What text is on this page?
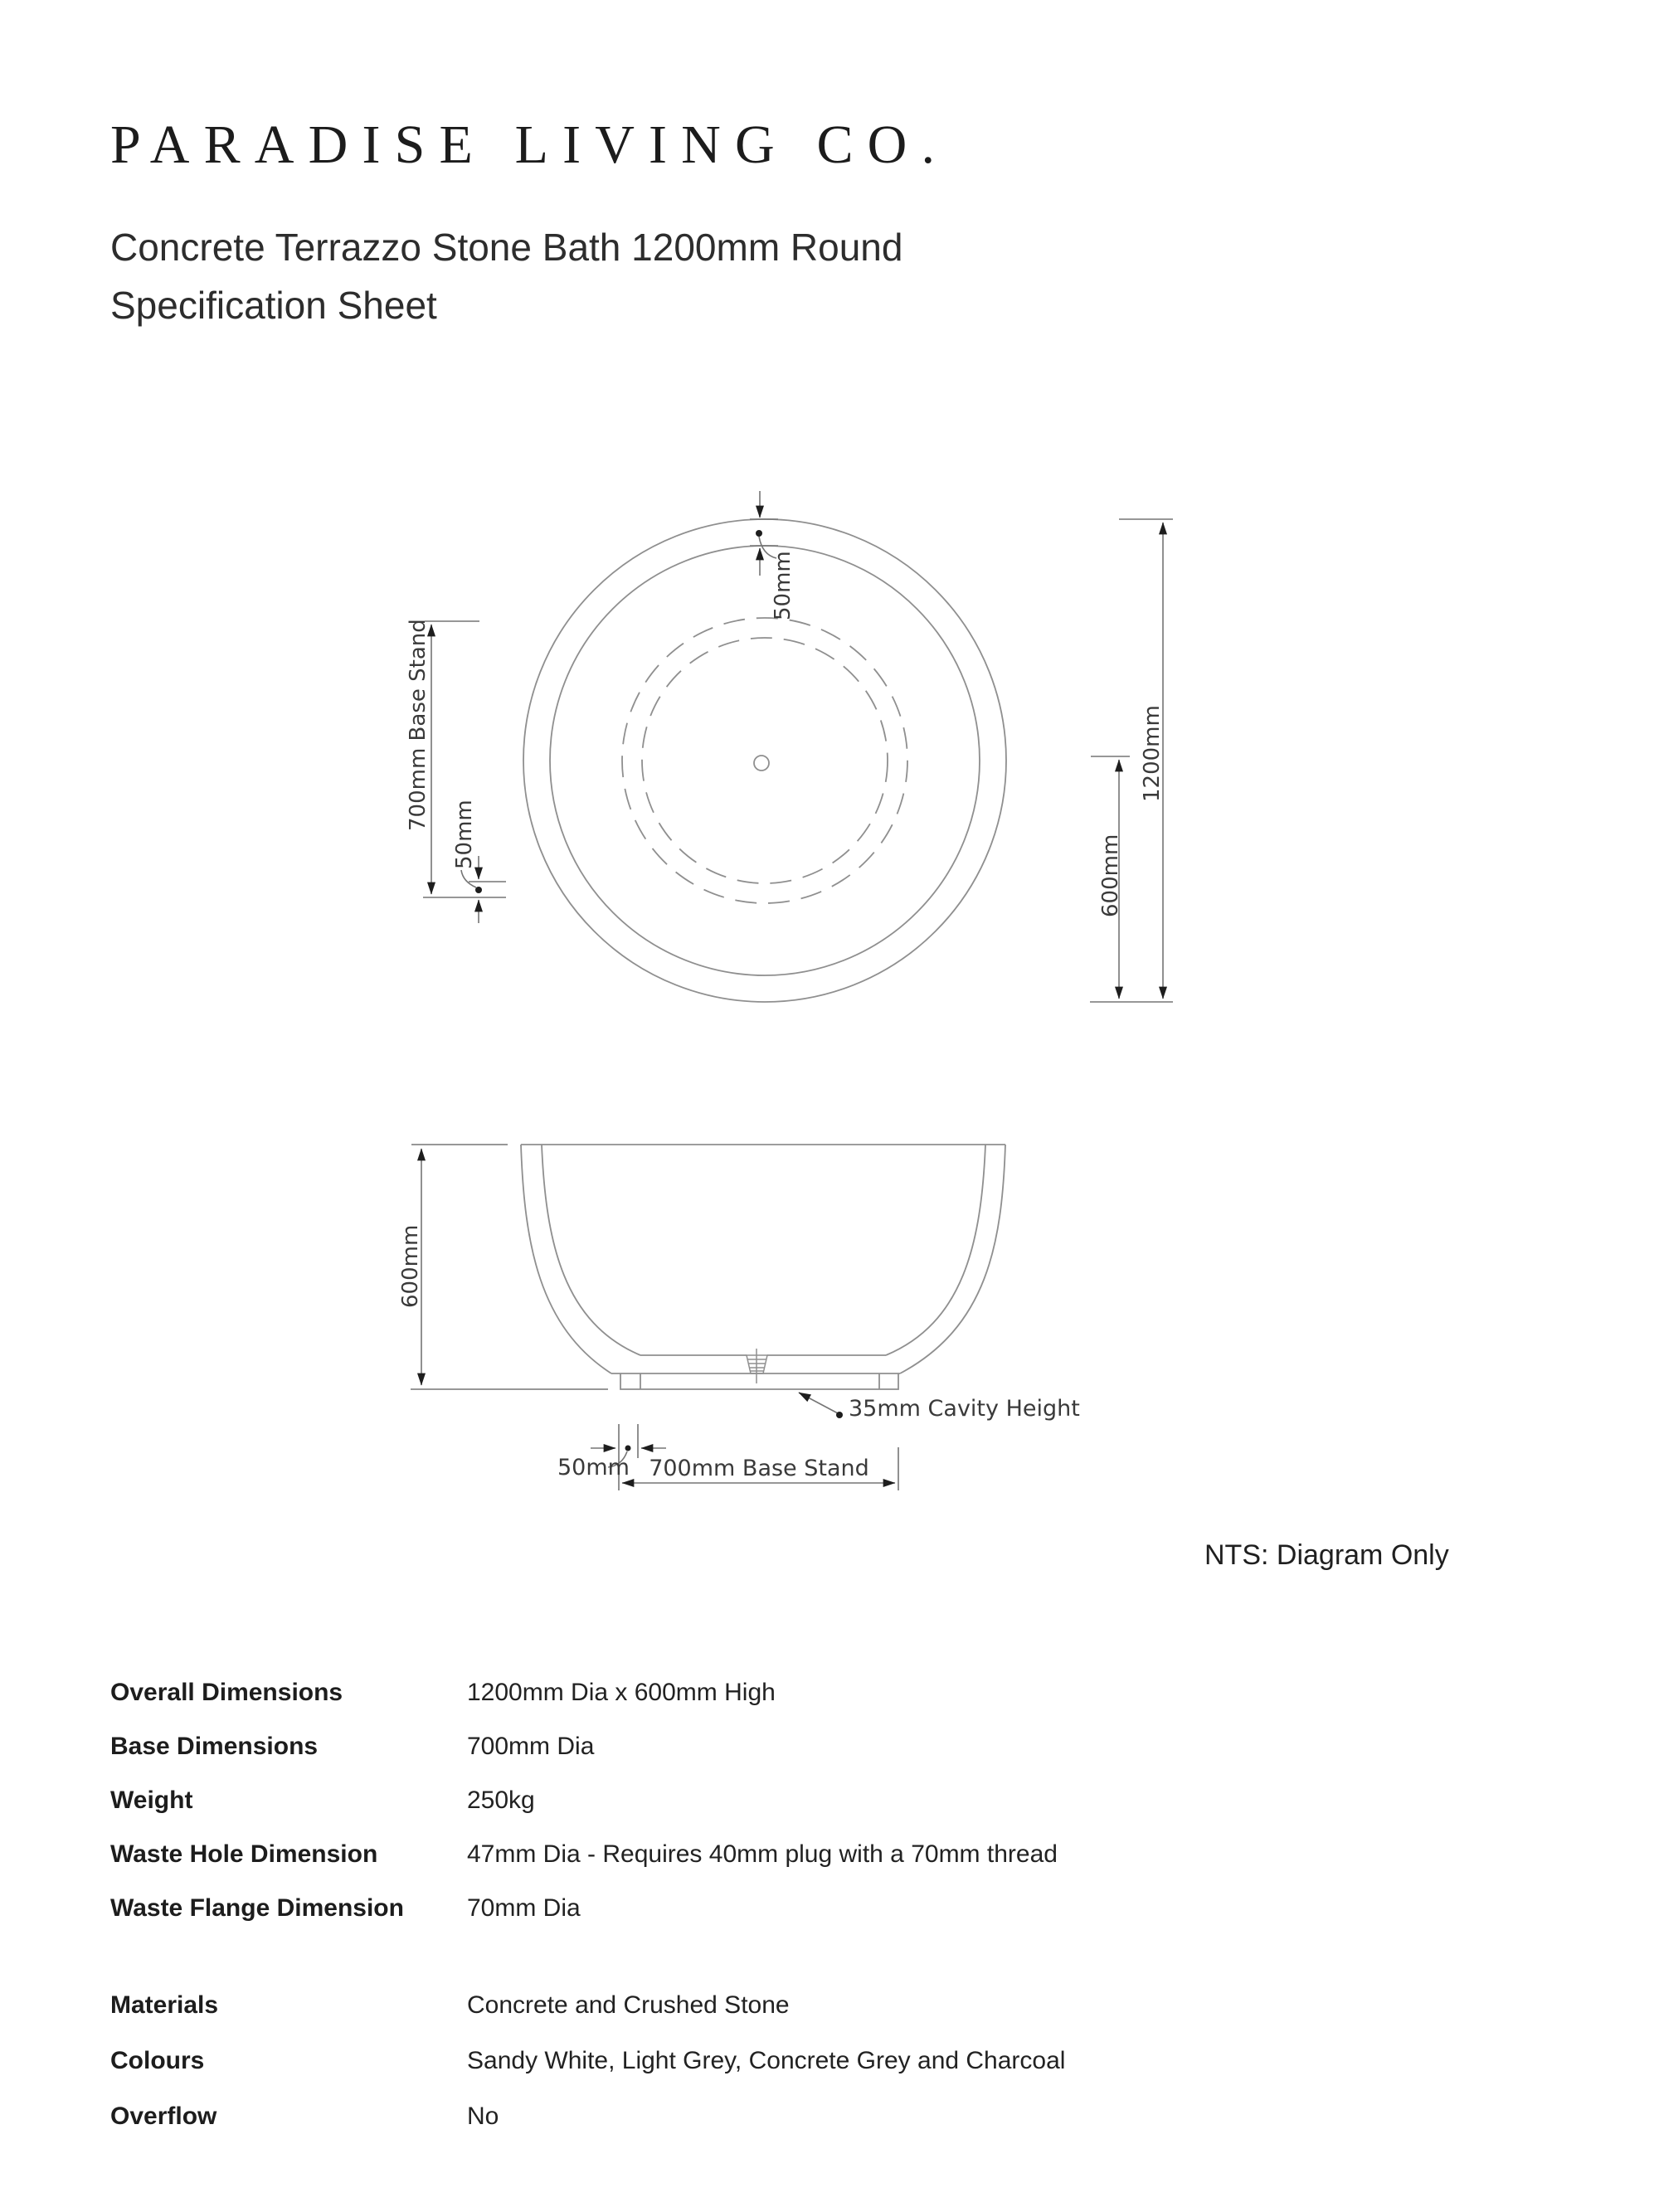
PARADISE LIVING CO.
Concrete Terrazzo Stone Bath 1200mm Round
Specification Sheet
50mm
700mm Base Stand
50mm
1200mm
600mm
600mm
35mm Cavity Height
50mm 700mm Base Stand
NTS: Diagram Only
Overall Dimensions	1200mm Dia x 600mm High
Base Dimensions	700mm Dia
Weight	250kg
Waste Hole Dimension	47mm Dia - Requires 40mm plug with a 70mm thread
Waste Flange Dimension	70mm Dia
Materials	Concrete and Crushed Stone
Colours	Sandy White, Light Grey, Concrete Grey and Charcoal
Overflow	No
